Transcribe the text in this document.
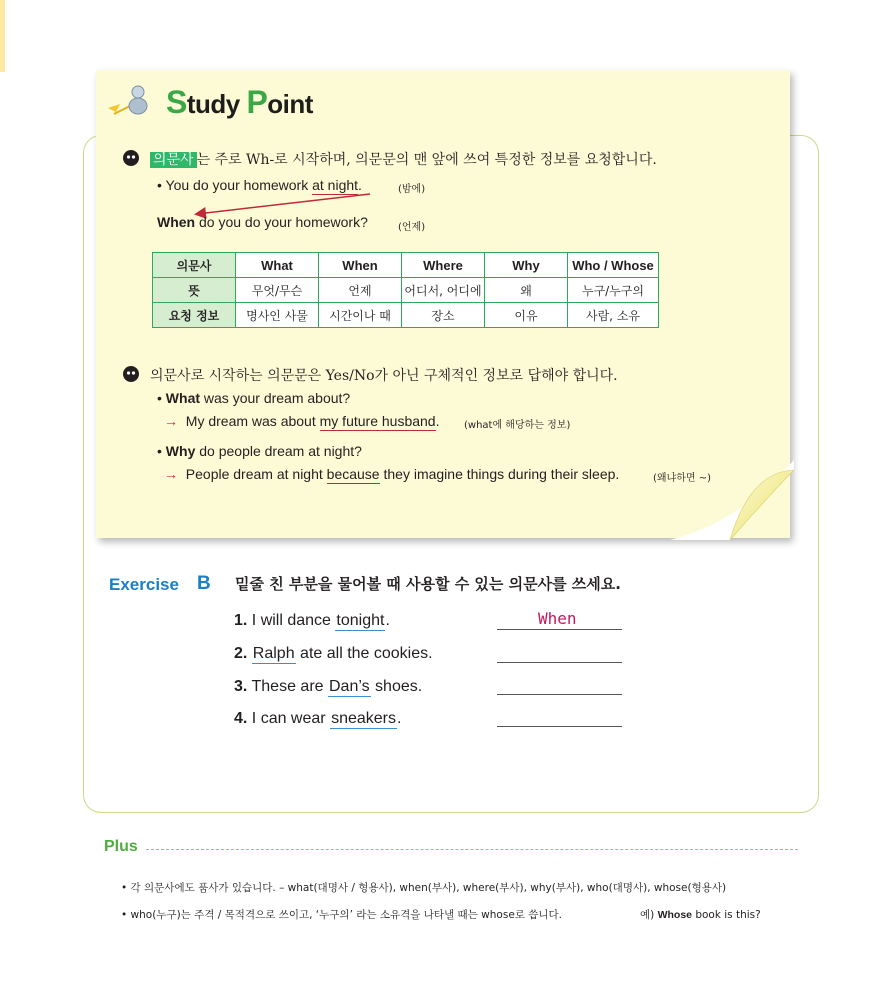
Study Point
의문사 는 주로 Wh-로 시작하며, 의문문의 맨 앞에 쓰여 특정한 정보를 요청합니다.
• You do your homework at night.	(밤에)
When do you do your homework?	(언제)
의문사	What	When	Where	Why	Who / Whose
뜻	무엇/무슨	언제	어디서, 어디에	왜	누구/누구의
요청 정보	명사인 사물	시간이나 때	장소	이유	사람, 소유
의문사로 시작하는 의문문은 Yes/No가 아닌 구체적인 정보로 답해야 합니다.
• What was your dream about?
→ My dream was about my future husband. (what에 해당하는 정보)
• Why do people dream at night?
→ People dream at night because they imagine things during their sleep.	(왜냐하면 ~)
Exercise B 밑줄 친 부분을 물어볼 때 사용할 수 있는 의문사를 쓰세요.
1. I will dance tonight.	When
2. Ralph ate all the cookies.
3. These are Dan’s shoes.
4. I can wear sneakers.
Plus
• 각 의문사에도 품사가 있습니다. – what(대명사 / 형용사), when(부사), where(부사), why(부사), who(대명사), whose(형용사)
• who(누구)는 주격 / 목적격으로 쓰이고, ‘누구의’ 라는 소유격을 나타낼 때는 whose로 씁니다.	예) Whose book is this?
